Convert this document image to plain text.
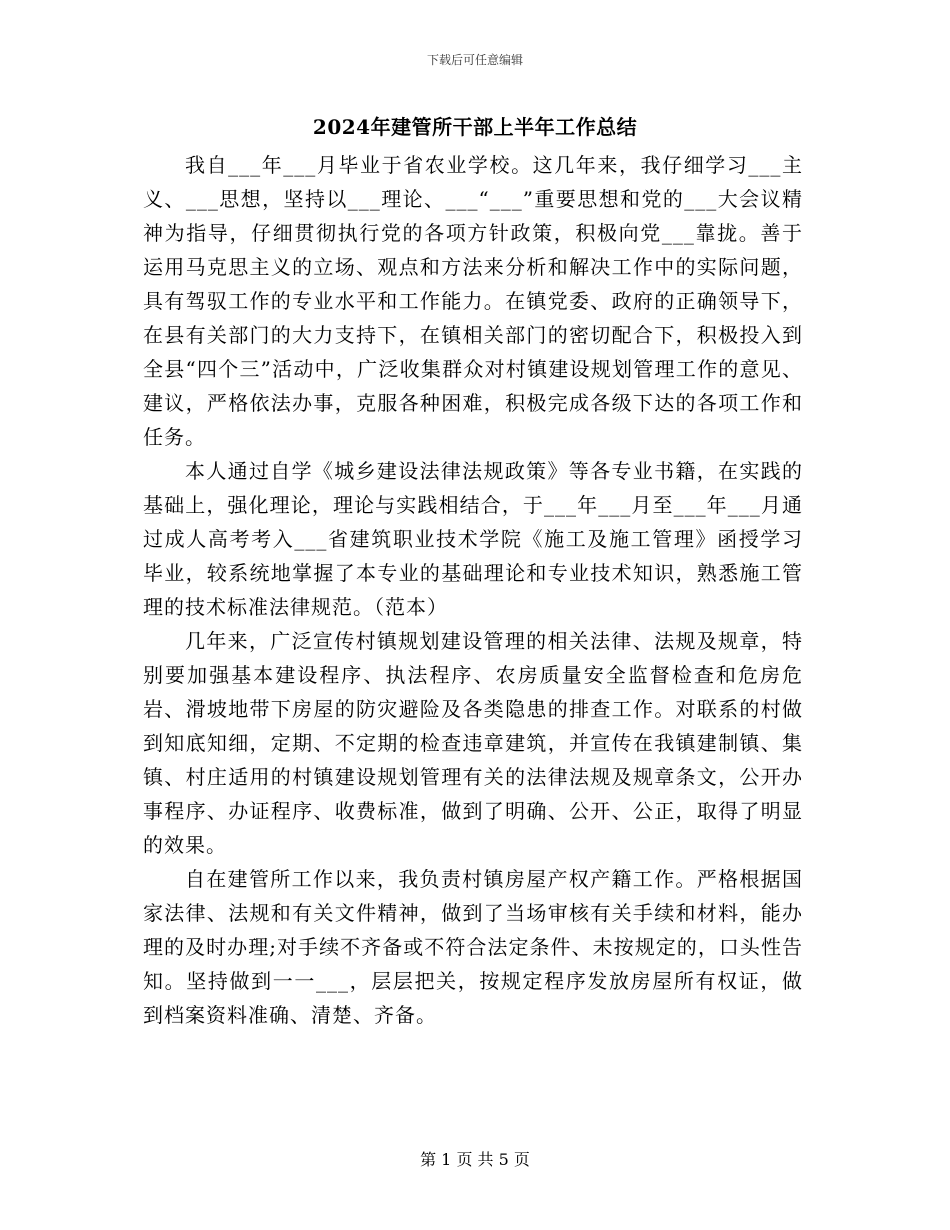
下载后可任意编辑
2024年建管所干部上半年工作总结

我自___年___月毕业于省农业学校。这几年来，我仔细学习___主义、___思想，坚持以___理论、___“___”重要思想和党的___大会议精神为指导，仔细贯彻执行党的各项方针政策，积极向党___靠拢。善于运用马克思主义的立场、观点和方法来分析和解决工作中的实际问题，具有驾驭工作的专业水平和工作能力。在镇党委、政府的正确领导下，在县有关部门的大力支持下，在镇相关部门的密切配合下，积极投入到全县“四个三”活动中，广泛收集群众对村镇建设规划管理工作的意见、建议，严格依法办事，克服各种困难，积极完成各级下达的各项工作和任务。

本人通过自学《城乡建设法律法规政策》等各专业书籍，在实践的基础上，强化理论，理论与实践相结合，于___年___月至___年___月通过成人高考考入___省建筑职业技术学院《施工及施工管理》函授学习毕业，较系统地掌握了本专业的基础理论和专业技术知识，熟悉施工管理的技术标准法律规范。（范本）

几年来，广泛宣传村镇规划建设管理的相关法律、法规及规章，特别要加强基本建设程序、执法程序、农房质量安全监督检查和危房危岩、滑坡地带下房屋的防灾避险及各类隐患的排查工作。对联系的村做到知底知细，定期、不定期的检查违章建筑，并宣传在我镇建制镇、集镇、村庄适用的村镇建设规划管理有关的法律法规及规章条文，公开办事程序、办证程序、收费标准，做到了明确、公开、公正，取得了明显的效果。

自在建管所工作以来，我负责村镇房屋产权产籍工作。严格根据国家法律、法规和有关文件精神，做到了当场审核有关手续和材料，能办理的及时办理;对手续不齐备或不符合法定条件、未按规定的，口头性告知。坚持做到一一___，层层把关，按规定程序发放房屋所有权证，做到档案资料准确、清楚、齐备。

第 1 页 共 5 页
